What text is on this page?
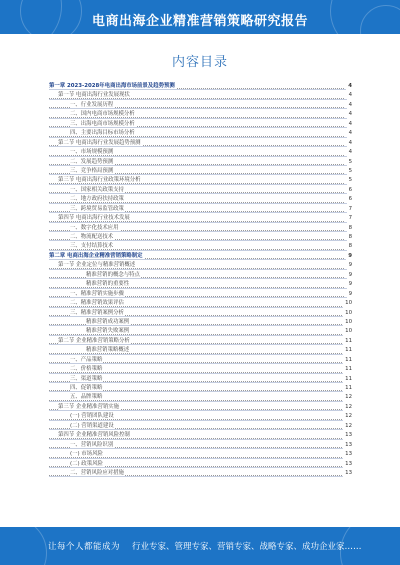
电商出海企业精准营销策略研究报告
内容目录
第一章 2023-2028年电商出海市场前景及趋势预测	4
第一节 电商出海行业发展现状	4
一、行业发展历程	4
二、国内电商市场规模分析	4
三、出海电商市场规模分析	4
四、主要出海目标市场分析	4
第二节 电商出海行业发展趋势预测	4
一、市场规模预测	4
二、发展趋势预测	5
三、竞争格局预测	5
第三节 电商出海行业政策环境分析	5
一、国家相关政策支持	6
二、地方政府扶持政策	6
三、跨境贸易监管政策	7
第四节 电商出海行业技术发展	7
一、数字化技术应用	8
二、物流配送技术	8
三、支付结算技术	8
第二章 电商出海企业精准营销策略制定	9
第一节 企业定位与精准营销概述	9
精准营销的概念与特点	9
精准营销的重要性	9
一、精准营销实施步骤	9
二、精准营销效果评估	10
三、精准营销案例分析	10
精准营销成功案例	10
精准营销失败案例	10
第二节 企业精准营销策略分析	11
精准营销策略概述	11
一、产品策略	11
二、价格策略	11
三、渠道策略	11
四、促销策略	11
五、品牌策略	12
第三节 企业精准营销实施	12
(一) 营销团队建设	12
(二) 营销渠道建设	12
第四节 企业精准营销风险控制	13
一、营销风险识别	13
(一) 市场风险	13
(二) 政策风险	13
二、营销风险应对措施	13
让每个人都能成为 行业专家、管理专家、营销专家、战略专家、成功企业家……
